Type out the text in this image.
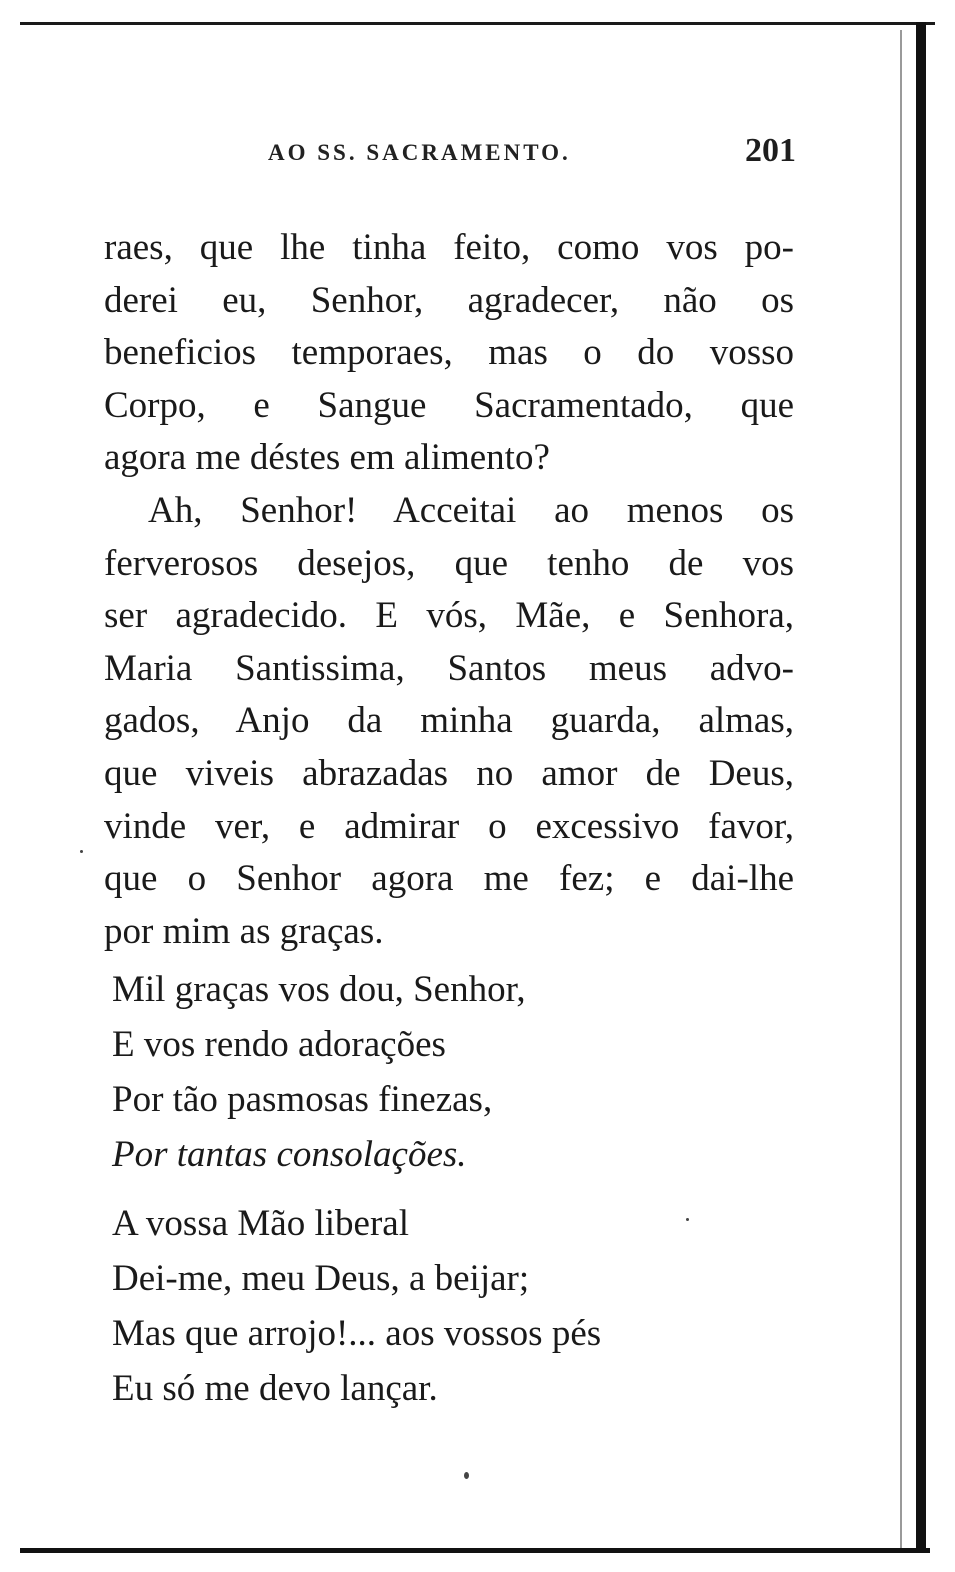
AO SS. SACRAMENTO.	201
raes, que lhe tinha feito, como vos po-
derei eu, Senhor, agradecer, não os
beneficios temporaes, mas o do vosso
Corpo, e Sangue Sacramentado, que
agora me déstes em alimento?
Ah, Senhor! Acceitai ao menos os
ferverosos desejos, que tenho de vos
ser agradecido. E vós, Mãe, e Senhora,
Maria Santissima, Santos meus advo-
gados, Anjo da minha guarda, almas,
que viveis abrazadas no amor de Deus,
vinde ver, e admirar o excessivo favor,
que o Senhor agora me fez; e dai-lhe
por mim as graças.
Mil graças vos dou, Senhor,
E vos rendo adorações
Por tão pasmosas finezas,
Por tantas consolações.
A vossa Mão liberal
Dei-me, meu Deus, a beijar;
Mas que arrojo!... aos vossos pés
Eu só me devo lançar.
